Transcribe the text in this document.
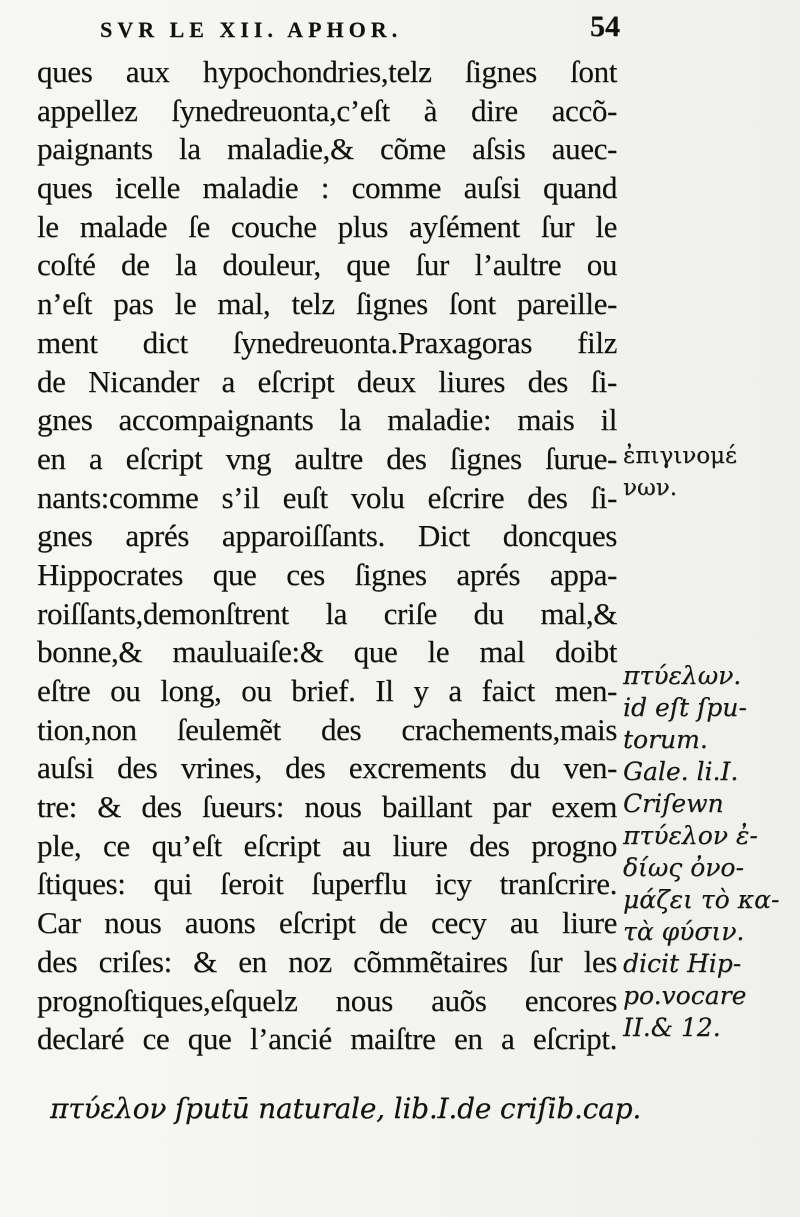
SVR LE XII. APHOR.	54
ques aux hypochondries,telz ſignes ſont
appellez ſynedreuonta,c’eſt à dire accõ-
paignants la maladie,& cõme aſsis auec-
ques icelle maladie : comme auſsi quand
le malade ſe couche plus ayſément ſur le
coſté de la douleur, que ſur l’aultre ou
n’eſt pas le mal, telz ſignes ſont pareille-
ment dict ſynedreuonta.Praxagoras filz
de Nicander a eſcript deux liures des ſi-
gnes accompaignants la maladie: mais il
en a eſcript vng aultre des ſignes ſurue-
nants:comme s’il euſt volu eſcrire des ſi-
gnes aprés apparoiſſants. Dict doncques
Hippocrates que ces ſignes aprés appa-
roiſſants,demonſtrent la criſe du mal,&
bonne,& mauluaiſe:& que le mal doibt
eſtre ou long, ou brief. Il y a faict men-
tion,non ſeulemẽt des crachements,mais
auſsi des vrines, des excrements du ven-
tre: & des ſueurs: nous baillant par exem
ple, ce qu’eſt eſcript au liure des progno
ſtiques: qui ſeroit ſuperflu icy tranſcrire.
Car nous auons eſcript de cecy au liure
des criſes: & en noz cõmmẽtaires ſur les
prognoſtiques,eſquelz nous auõs encores
declaré ce que l’ancié maiſtre en a eſcript.
ἐπιγινομέ
νων.
πτύελων.
id eſt ſpu-
torum.
Gale. li.I.
Criſewn
πτύελον ἐ-
δίως ὀνο-
μάζει τὸ κα-
τὰ φύσιν.
dicit Hip-
po.vocare
II.& 12.
πτύελον ſputū naturale, lib.I.de criſib.cap.
